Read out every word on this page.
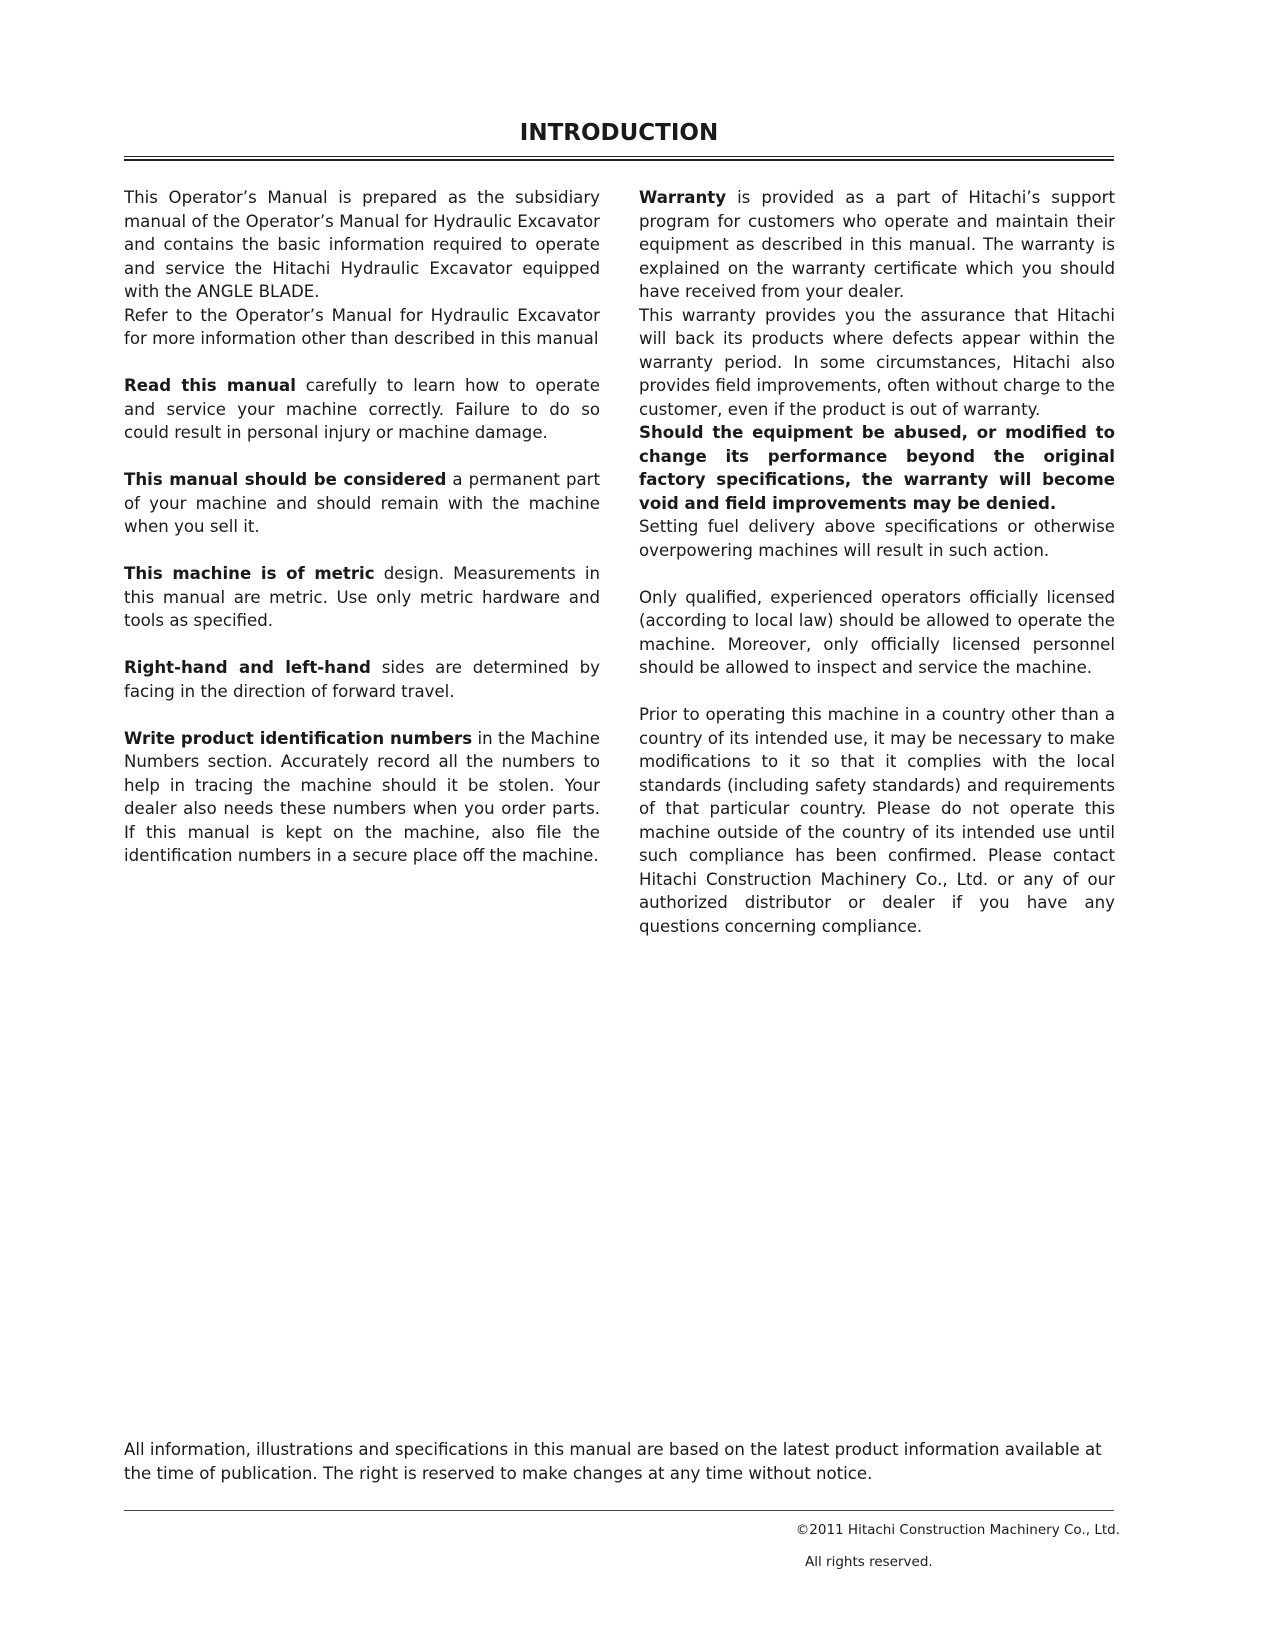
INTRODUCTION

This Operator’s Manual is prepared as the subsidiary manual of the Operator’s Manual for Hydraulic Excavator and contains the basic information required to operate and service the Hitachi Hydraulic Excavator equipped with the ANGLE BLADE.

Refer to the Operator’s Manual for Hydraulic Excavator for more information other than described in this manual

Read this manual carefully to learn how to operate and service your machine correctly. Failure to do so could result in personal injury or machine damage.

This manual should be considered a permanent part of your machine and should remain with the machine when you sell it.

This machine is of metric design. Measurements in this manual are metric. Use only metric hardware and tools as specified.

Right-hand and left-hand sides are determined by facing in the direction of forward travel.

Write product identification numbers in the Machine Numbers section. Accurately record all the numbers to help in tracing the machine should it be stolen. Your dealer also needs these numbers when you order parts. If this manual is kept on the machine, also file the identification numbers in a secure place off the machine.

Warranty is provided as a part of Hitachi’s support program for customers who operate and maintain their equipment as described in this manual. The warranty is explained on the warranty certificate which you should have received from your dealer.

This warranty provides you the assurance that Hitachi will back its products where defects appear within the warranty period. In some circumstances, Hitachi also provides field improvements, often without charge to the customer, even if the product is out of warranty.

Should the equipment be abused, or modified to change its performance beyond the original factory specifications, the warranty will become void and field improvements may be denied.

Setting fuel delivery above specifications or otherwise overpowering machines will result in such action.

Only qualified, experienced operators officially licensed (according to local law) should be allowed to operate the machine. Moreover, only officially licensed personnel should be allowed to inspect and service the machine.

Prior to operating this machine in a country other than a country of its intended use, it may be necessary to make modifications to it so that it complies with the local standards (including safety standards) and requirements of that particular country. Please do not operate this machine outside of the country of its intended use until such compliance has been confirmed. Please contact Hitachi Construction Machinery Co., Ltd. or any of our authorized distributor or dealer if you have any questions concerning compliance.

All information, illustrations and specifications in this manual are based on the latest product information available at the time of publication. The right is reserved to make changes at any time without notice.

©2011 Hitachi Construction Machinery Co., Ltd.

All rights reserved.
